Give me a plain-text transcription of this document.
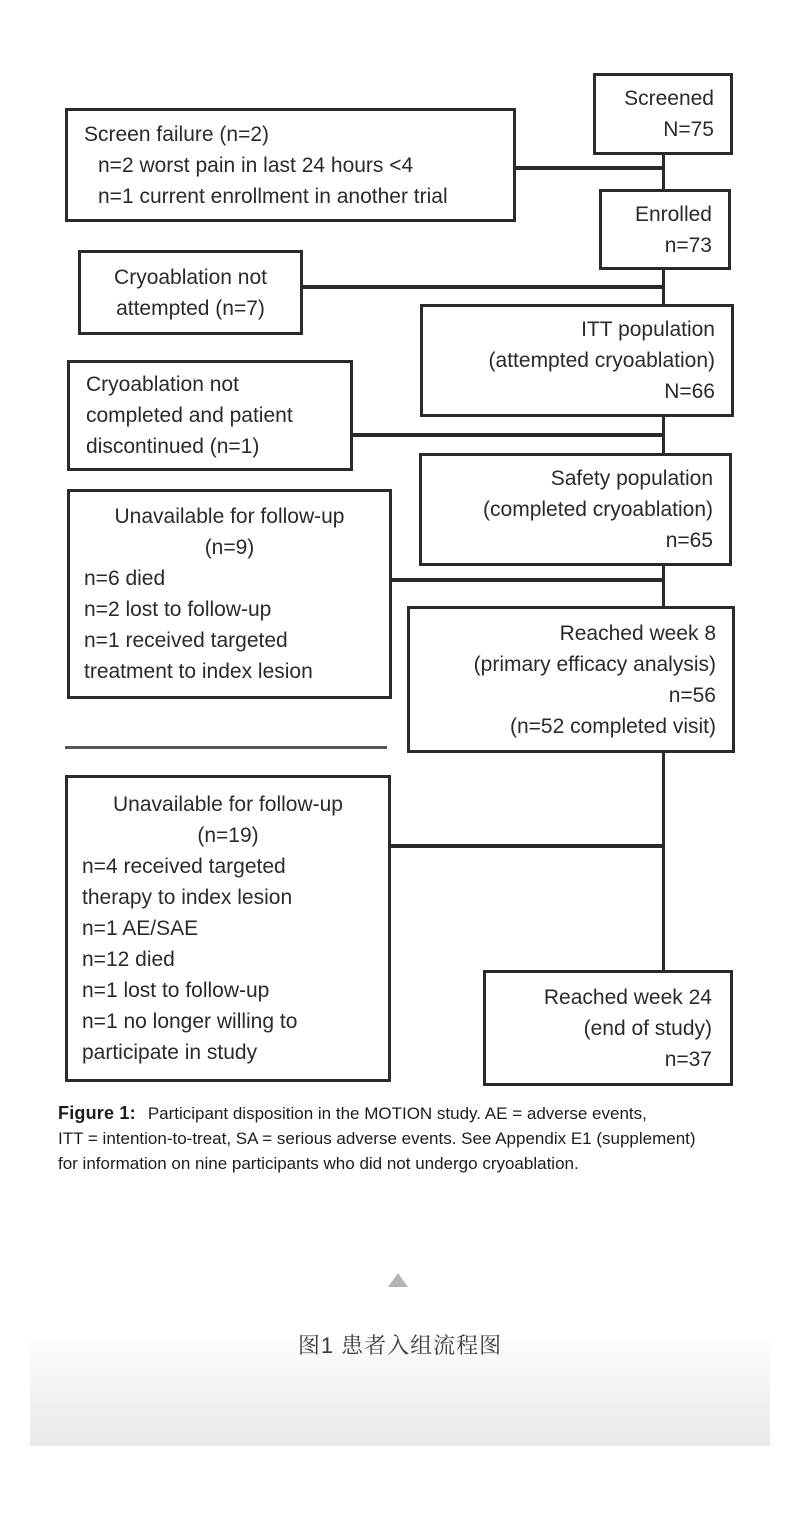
Screened
N=75
Enrolled
n=73
ITT population
(attempted cryoablation)
N=66
Safety population
(completed cryoablation)
n=65
Reached week 8
(primary efficacy analysis)
n=56
(n=52 completed visit)
Reached week 24
(end of study)
n=37
Screen failure (n=2)
n=2 worst pain in last 24 hours <4
n=1 current enrollment in another trial
Cryoablation not
attempted (n=7)
Cryoablation not
completed and patient
discontinued (n=1)
Unavailable for follow-up
(n=9)
n=6 died
n=2 lost to follow-up
n=1 received targeted
treatment to index lesion
Unavailable for follow-up
(n=19)
n=4 received targeted
therapy to index lesion
n=1 AE/SAE
n=12 died
n=1 lost to follow-up
n=1 no longer willing to
participate in study
Figure 1: Participant disposition in the MOTION study. AE = adverse events,
ITT = intention-to-treat, SA = serious adverse events. See Appendix E1 (supplement)
for information on nine participants who did not undergo cryoablation.
图1 患者入组流程图
